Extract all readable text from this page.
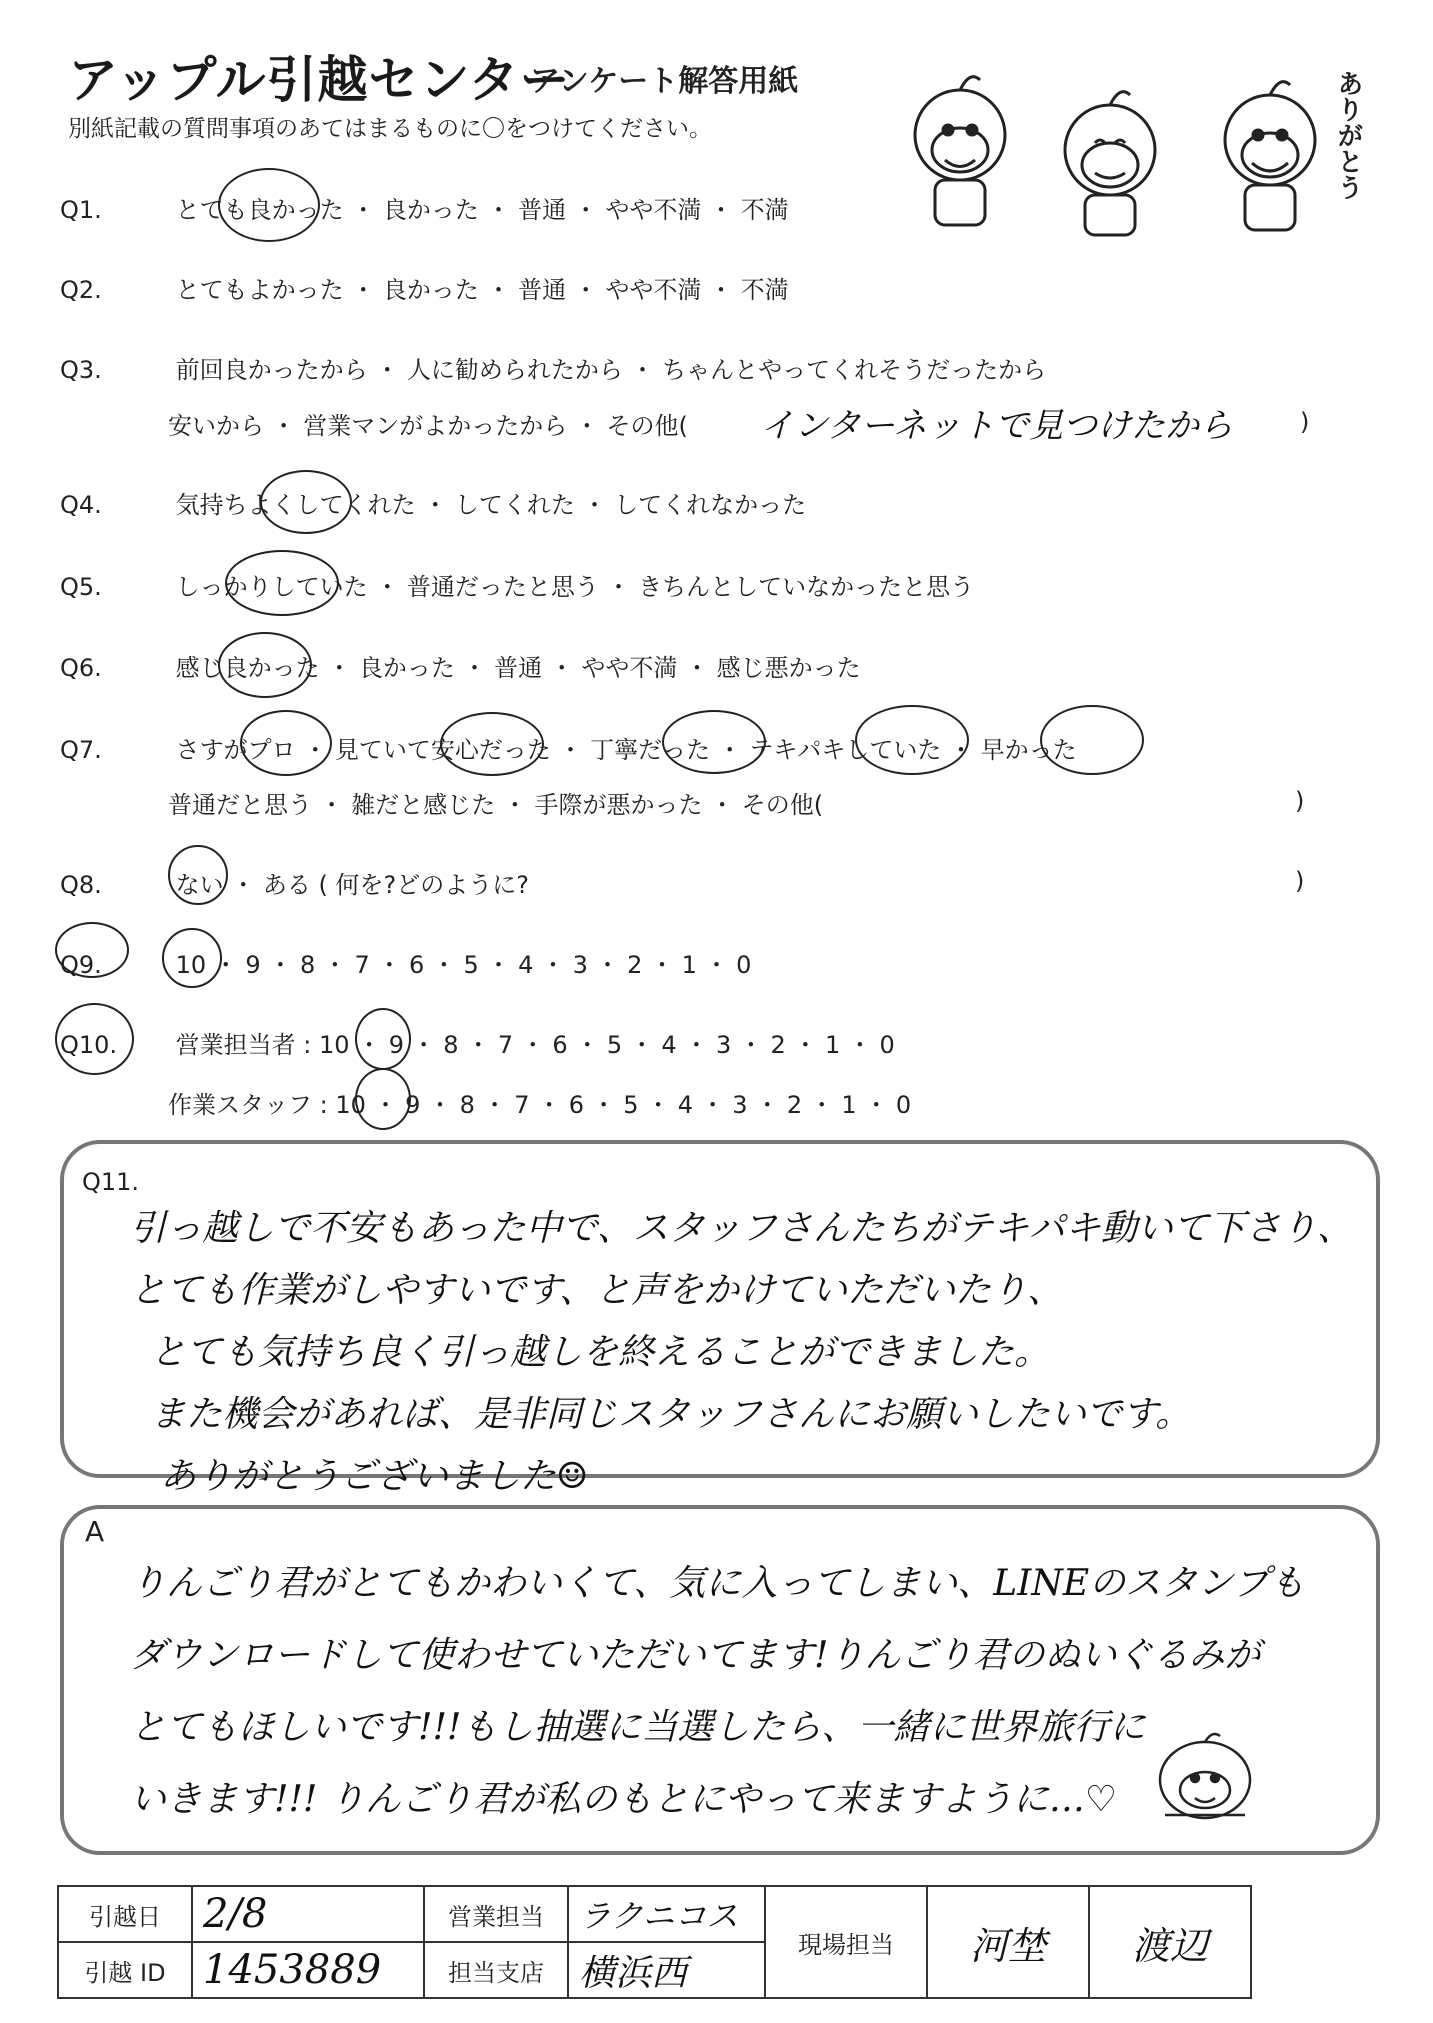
アップル引越センター
アンケート解答用紙
別紙記載の質問事項のあてはまるものに〇をつけてください。	ありがとう
Q1.	とても良かった ・ 良かった ・ 普通 ・ やや不満 ・ 不満
Q2.	とてもよかった ・ 良かった ・ 普通 ・ やや不満 ・ 不満
Q3.	前回良かったから ・ 人に勧められたから ・ ちゃんとやってくれそうだったから
安いから ・ 営業マンがよかったから ・ その他( インターネットで見つけたから	)
Q4.	気持ちよくしてくれた ・ してくれた ・ してくれなかった
Q5.	しっかりしていた ・ 普通だったと思う ・ きちんとしていなかったと思う
Q6.	感じ良かった ・ 良かった ・ 普通 ・ やや不満 ・ 感じ悪かった
Q7.	さすがプロ ・ 見ていて安心だった ・ 丁寧だった ・ テキパキしていた ・ 早かった
普通だと思う ・ 雑だと感じた ・ 手際が悪かった ・ その他(	)
Q8.	ない ・ ある ( 何を?どのように?	)
Q9.	10 ・ 9 ・ 8 ・ 7 ・ 6 ・ 5 ・ 4 ・ 3 ・ 2 ・ 1 ・ 0
Q10. 営業担当者 : 10 ・ 9 ・ 8 ・ 7 ・ 6 ・ 5 ・ 4 ・ 3 ・ 2 ・ 1 ・ 0
作業スタッフ : 10 ・ 9 ・ 8 ・ 7 ・ 6 ・ 5 ・ 4 ・ 3 ・ 2 ・ 1 ・ 0
Q11.
引っ越しで不安もあった中で、スタッフさんたちがテキパキ動いて下さり、
とても作業がしやすいです、と声をかけていただいたり、
とても気持ち良く引っ越しを終えることができました。
また機会があれば、是非同じスタッフさんにお願いしたいです。
ありがとうございました☺
A
りんごり君がとてもかわいくて、気に入ってしまい、LINEのスタンプも
ダウンロードして使わせていただいてます!りんごり君のぬいぐるみが
とてもほしいです!!!もし抽選に当選したら、一緒に世界旅行に
いきます!!! りんごり君が私のもとにやって来ますように…♡
引越日	2/8	営業担当	ラクニコス	現場担当	河埜	渡辺
引越 ID	1453889	担当支店	横浜西			
